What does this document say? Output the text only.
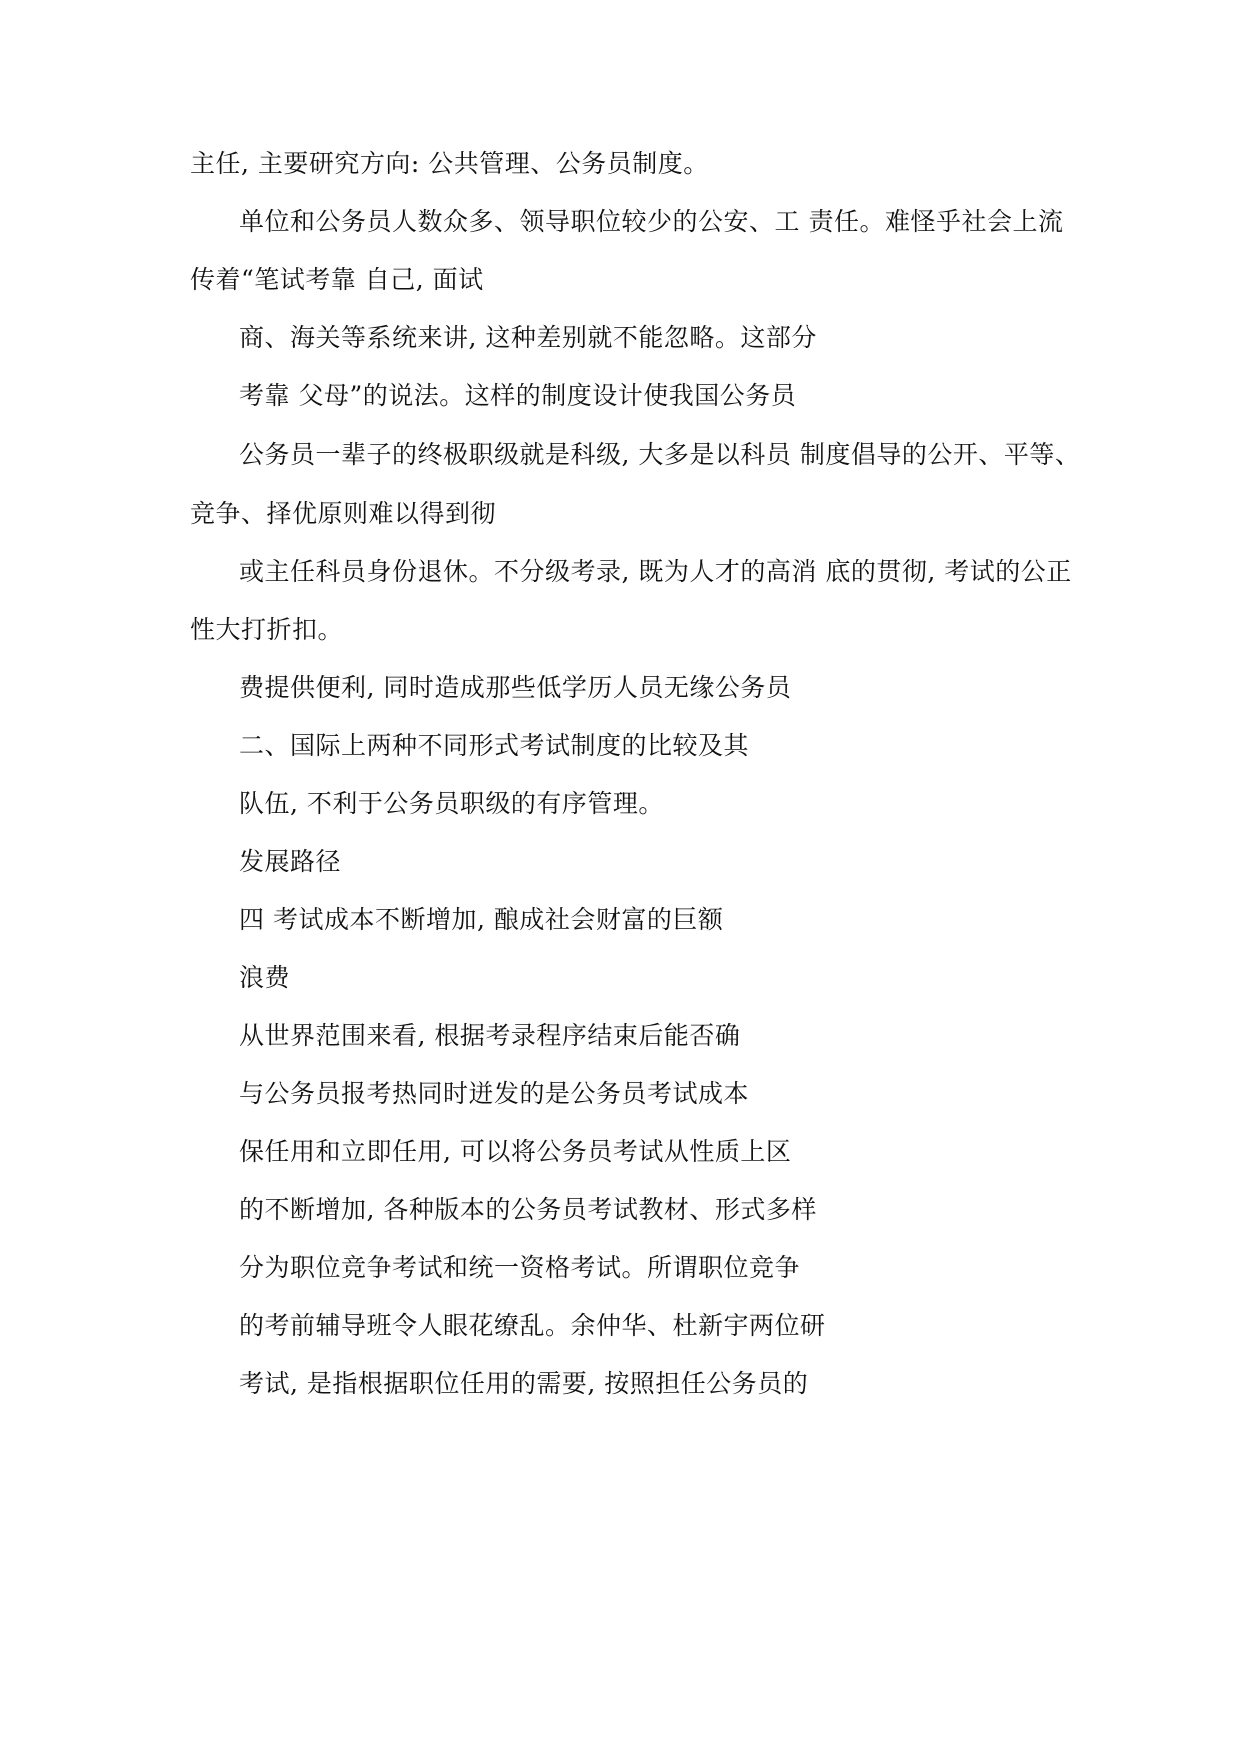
主任, 主要研究方向: 公共管理、公务员制度。
单位和公务员人数众多、领导职位较少的公安、工 责任。难怪乎社会上流
传着“笔试考靠 自己, 面试
商、海关等系统来讲, 这种差别就不能忽略。这部分
考靠 父母”的说法。这样的制度设计使我国公务员
公务员一辈子的终极职级就是科级, 大多是以科员 制度倡导的公开、平等、
竞争、择优原则难以得到彻
或主任科员身份退休。不分级考录, 既为人才的高消 底的贯彻, 考试的公正
性大打折扣。
费提供便利, 同时造成那些低学历人员无缘公务员
二、国际上两种不同形式考试制度的比较及其
队伍, 不利于公务员职级的有序管理。
发展路径
四 考试成本不断增加, 酿成社会财富的巨额
浪费
从世界范围来看, 根据考录程序结束后能否确
与公务员报考热同时迸发的是公务员考试成本
保任用和立即任用, 可以将公务员考试从性质上区
的不断增加, 各种版本的公务员考试教材、形式多样
分为职位竞争考试和统一资格考试。所谓职位竞争
的考前辅导班令人眼花缭乱。余仲华、杜新宇两位研
考试, 是指根据职位任用的需要, 按照担任公务员的
